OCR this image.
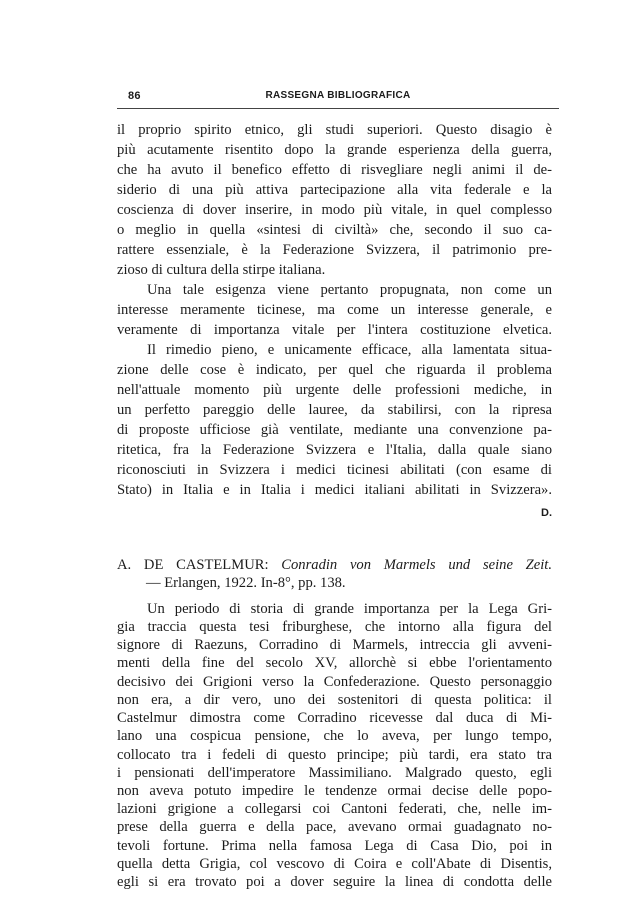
86	RASSEGNA BIBLIOGRAFICA
il proprio spirito etnico, gli studi superiori. Questo disagio è
più acutamente risentito dopo la grande esperienza della guerra,
che ha avuto il benefico effetto di risvegliare negli animi il de-
siderio di una più attiva partecipazione alla vita federale e la
coscienza di dover inserire, in modo più vitale, in quel complesso
o meglio in quella «sintesi di civiltà» che, secondo il suo ca-
rattere essenziale, è la Federazione Svizzera, il patrimonio pre-
zioso di cultura della stirpe italiana.
Una tale esigenza viene pertanto propugnata, non come un
interesse meramente ticinese, ma come un interesse generale, e
veramente di importanza vitale per l'intera costituzione elvetica.
Il rimedio pieno, e unicamente efficace, alla lamentata situa-
zione delle cose è indicato, per quel che riguarda il problema
nell'attuale momento più urgente delle professioni mediche, in
un perfetto pareggio delle lauree, da stabilirsi, con la ripresa
di proposte ufficiose già ventilate, mediante una convenzione pa-
ritetica, fra la Federazione Svizzera e l'Italia, dalla quale siano
riconosciuti in Svizzera i medici ticinesi abilitati (con esame di
Stato) in Italia e in Italia i medici italiani abilitati in Svizzera».
D.
A. DE CASTELMUR: Conradin von Marmels und seine Zeit.
— Erlangen, 1922. In-8°, pp. 138.
Un periodo di storia di grande importanza per la Lega Gri-
gia traccia questa tesi friburghese, che intorno alla figura del
signore di Raezuns, Corradino di Marmels, intreccia gli avveni-
menti della fine del secolo XV, allorchè si ebbe l'orientamento
decisivo dei Grigioni verso la Confederazione. Questo personaggio
non era, a dir vero, uno dei sostenitori di questa politica: il
Castelmur dimostra come Corradino ricevesse dal duca di Mi-
lano una cospicua pensione, che lo aveva, per lungo tempo,
collocato tra i fedeli di questo principe; più tardi, era stato tra
i pensionati dell'imperatore Massimiliano. Malgrado questo, egli
non aveva potuto impedire le tendenze ormai decise delle popo-
lazioni grigione a collegarsi coi Cantoni federati, che, nelle im-
prese della guerra e della pace, avevano ormai guadagnato no-
tevoli fortune. Prima nella famosa Lega di Casa Dio, poi in
quella detta Grigia, col vescovo di Coira e coll'Abate di Disentis,
egli si era trovato poi a dover seguire la linea di condotta delle
